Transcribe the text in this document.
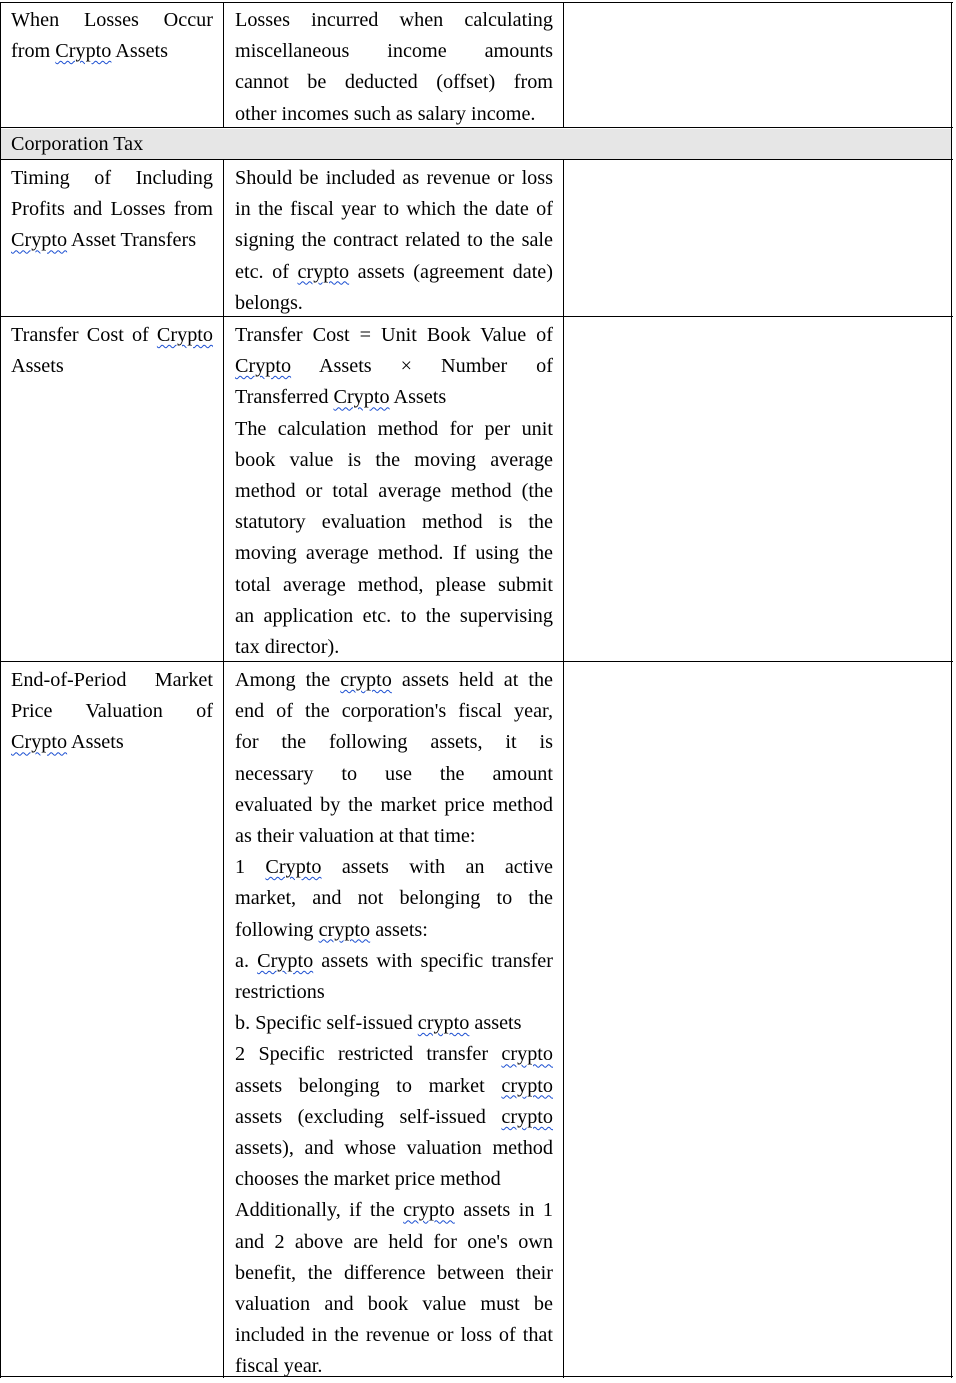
When Losses Occur

from Crypto Assets

Losses incurred when calculating

miscellaneous income amounts

cannot be deducted (offset) from

other incomes such as salary income.

Corporation Tax

Timing of Including

Profits and Losses from

Crypto Asset Transfers

Should be included as revenue or loss

in the fiscal year to which the date of

signing the contract related to the sale

etc. of crypto assets (agreement date)

belongs.

Transfer Cost of Crypto

Assets

Transfer Cost = Unit Book Value of

Crypto Assets × Number of

Transferred Crypto Assets

The calculation method for per unit

book value is the moving average

method or total average method (the

statutory evaluation method is the

moving average method. If using the

total average method, please submit

an application etc. to the supervising

tax director).

End-of-Period Market

Price Valuation of

Crypto Assets

Among the crypto assets held at the

end of the corporation's fiscal year,

for the following assets, it is

necessary to use the amount

evaluated by the market price method

as their valuation at that time:

1 Crypto assets with an active

market, and not belonging to the

following crypto assets:

a. Crypto assets with specific transfer

restrictions

b. Specific self-issued crypto assets

2 Specific restricted transfer crypto

assets belonging to market crypto

assets (excluding self-issued crypto

assets), and whose valuation method

chooses the market price method

Additionally, if the crypto assets in 1

and 2 above are held for one's own

benefit, the difference between their

valuation and book value must be

included in the revenue or loss of that

fiscal year.
